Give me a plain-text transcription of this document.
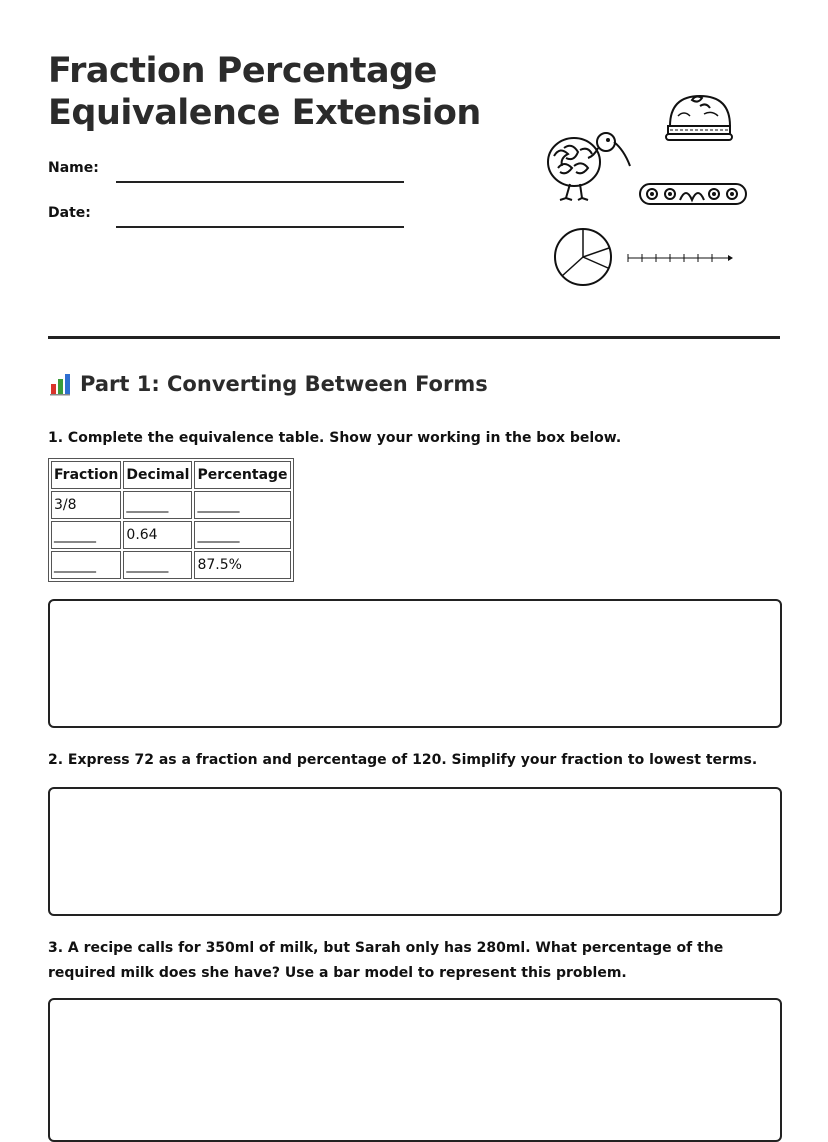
Fraction Percentage Equivalence Extension
Name:
Date:
Part 1: Converting Between Forms
1. Complete the equivalence table. Show your working in the box below.
Fraction	Decimal	Percentage
3/8	______	______
______	0.64	______
______	______	87.5%
2. Express 72 as a fraction and percentage of 120. Simplify your fraction to lowest terms.
3. A recipe calls for 350ml of milk, but Sarah only has 280ml. What percentage of the required milk does she have? Use a bar model to represent this problem.
